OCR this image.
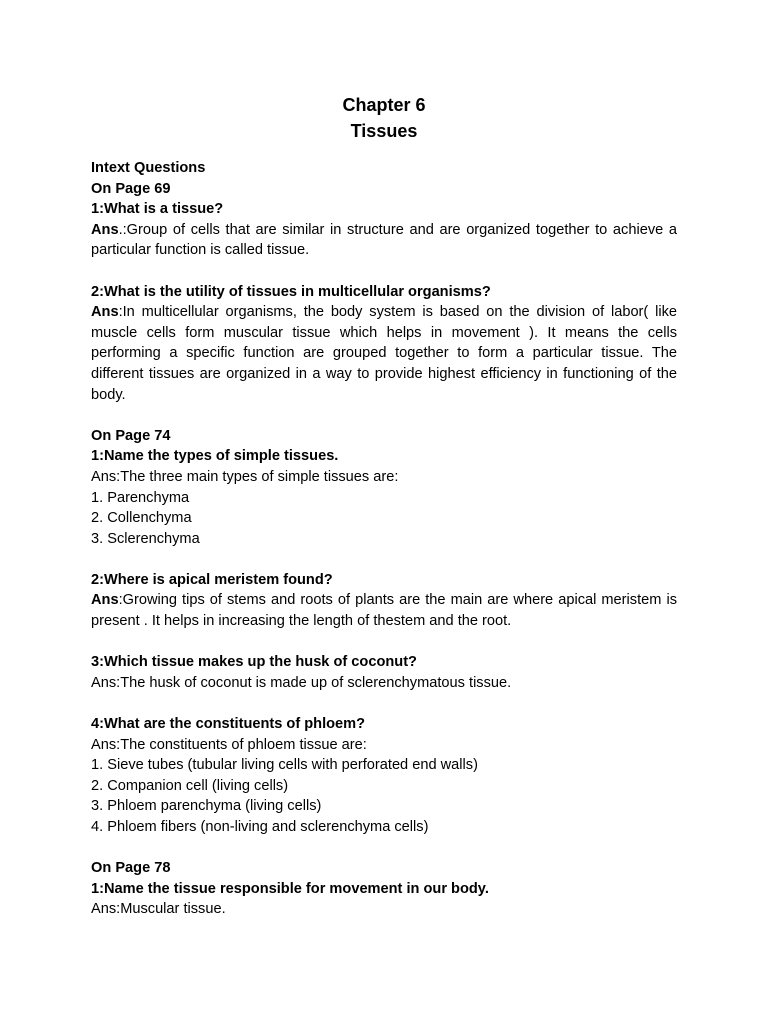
Chapter 6
Tissues
Intext Questions
On Page 69
1:What is a tissue?

Ans.:Group of cells that are similar in structure and are organized together to achieve a particular function is called tissue.

2:What is the utility of tissues in multicellular organisms?

Ans:In multicellular organisms, the body system is based on the division of labor( like muscle cells form muscular tissue which helps in movement ). It means the cells performing a specific function are grouped together to form a particular tissue. The different tissues are organized in a way to provide highest efficiency in functioning of the body.

On Page 74
1:Name the types of simple tissues.
Ans:The three main types of simple tissues are:
1. Parenchyma
2. Collenchyma
3. Sclerenchyma
2:Where is apical meristem found?

Ans:Growing tips of stems and roots of plants are the main are where apical meristem is present . It helps in increasing the length of thestem and the root.

3:Which tissue makes up the husk of coconut?
Ans:The husk of coconut is made up of sclerenchymatous tissue.
4:What are the constituents of phloem?
Ans:The constituents of phloem tissue are:
1. Sieve tubes (tubular living cells with perforated end walls)
2. Companion cell (living cells)
3. Phloem parenchyma (living cells)
4. Phloem fibers (non-living and sclerenchyma cells)
On Page 78
1:Name the tissue responsible for movement in our body.
Ans:Muscular tissue.
